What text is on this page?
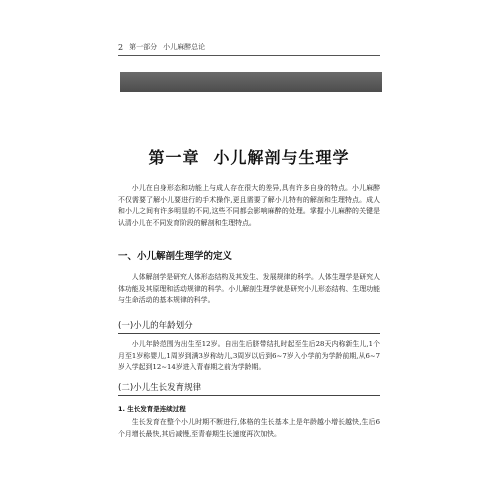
2 第一部分 小儿麻醉总论
第一章 小儿解剖与生理学

小儿在自身形态和功能上与成人存在很大的差异,具有许多自身的特点。小儿麻醉不仅需要了解小儿要进行的手术操作,更且需要了解小儿特有的解剖和生理特点。成人和小儿之间有许多明显的不同,这些不同都会影响麻醉的处理。掌握小儿麻醉的关键是认清小儿在不同发育阶段的解剖和生理特点。

一、小儿解剖生理学的定义

人体解剖学是研究人体形态结构及其发生、发展规律的科学。人体生理学是研究人体功能及其原理和活动规律的科学。小儿解剖生理学就是研究小儿形态结构、生理功能与生命活动的基本规律的科学。

(一)小儿的年龄划分

小儿年龄范围为出生至12岁。自出生后脐带结扎时起至生后28天内称新生儿,1个月至1岁称婴儿,1周岁到满3岁称幼儿,3周岁以后到6~7岁入小学前为学龄前期,从6~7岁入学起到12~14岁进入青春期之前为学龄期。

(二)小儿生长发育规律
1. 生长发育是连续过程

生长发育在整个小儿时期不断进行,体格的生长基本上是年龄越小增长越快,生后6个月增长最快,其后减慢,至青春期生长速度再次加快。
